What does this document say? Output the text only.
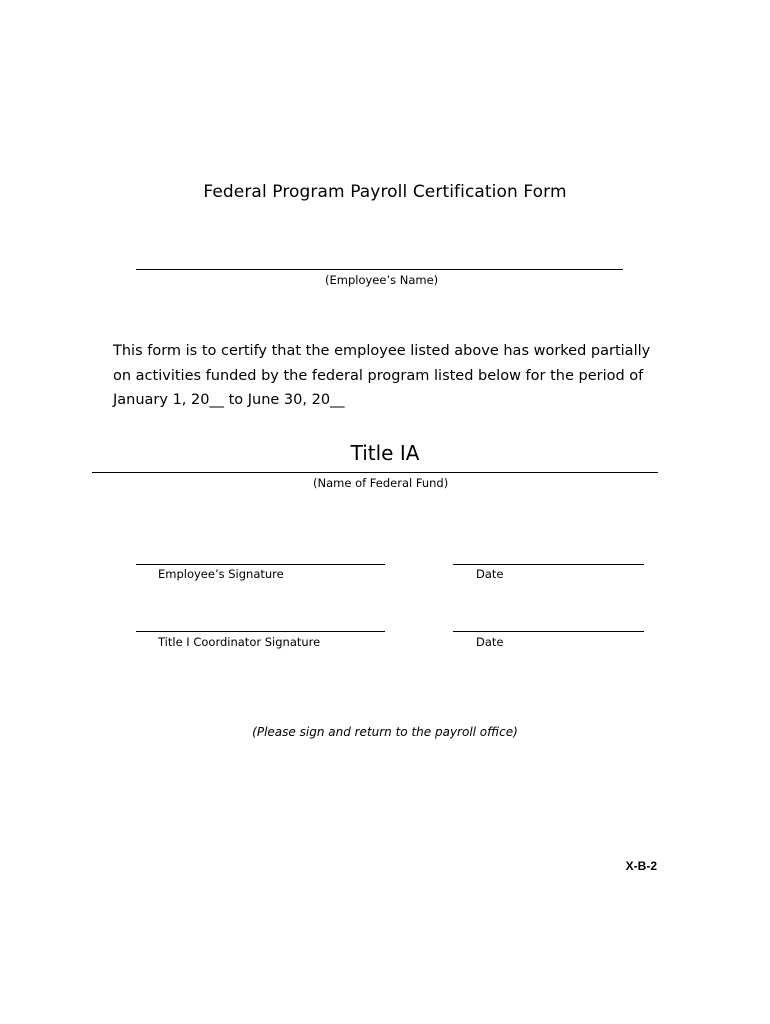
Federal Program Payroll Certification Form
(Employee’s Name)
This form is to certify that the employee listed above has worked partially
on activities funded by the federal program listed below for the period of
January 1, 20__ to June 30, 20__
Title IA
(Name of Federal Fund)
Employee’s Signature	Date
Title I Coordinator Signature	Date
(Please sign and return to the payroll office)
X-B-2
